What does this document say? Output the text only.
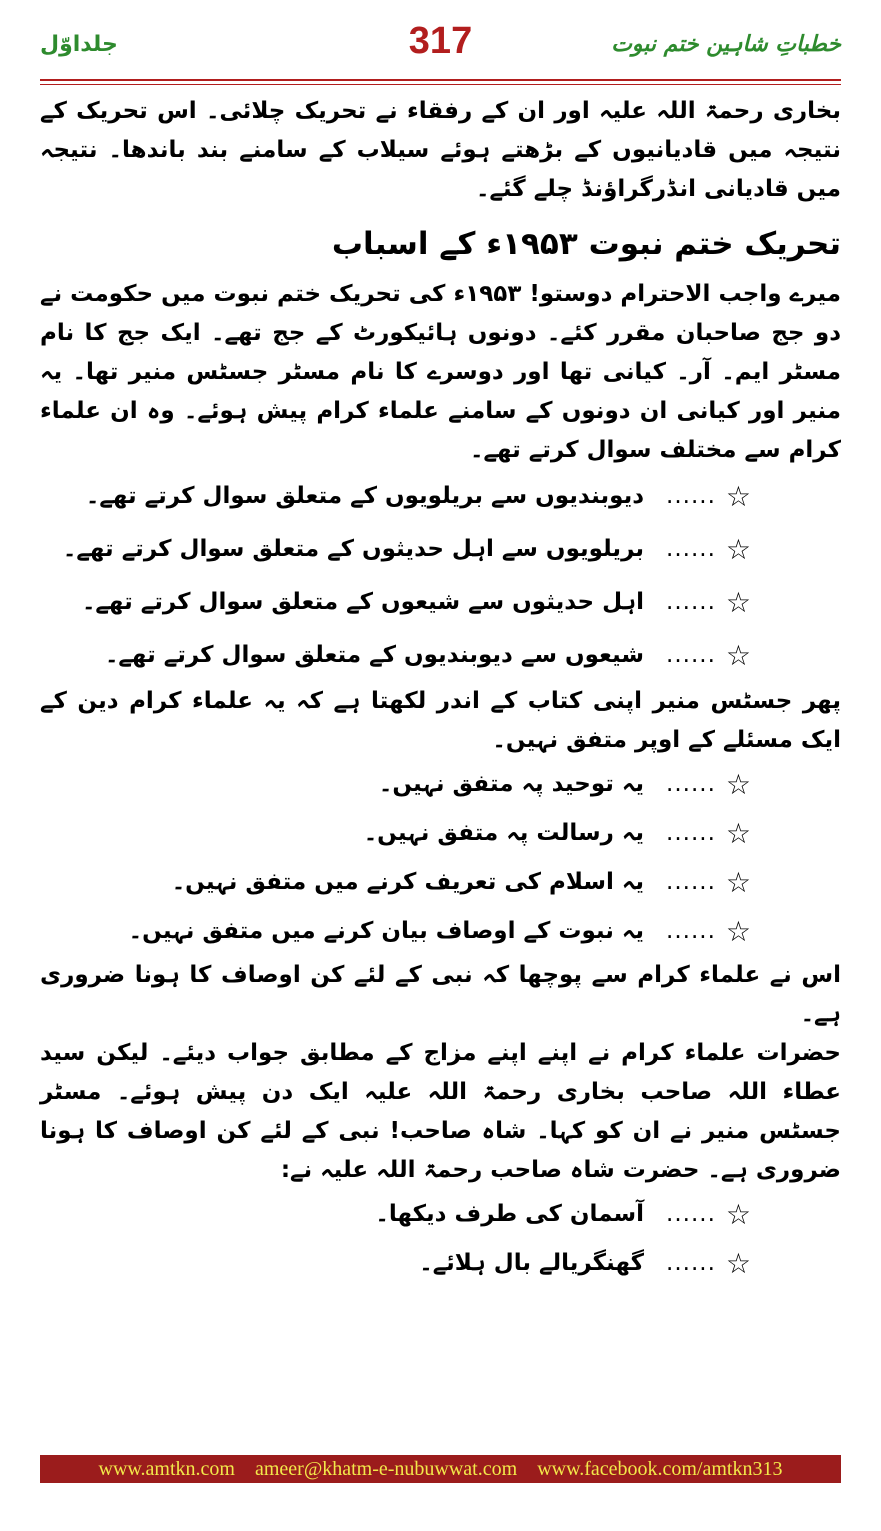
جلداوّل	317	خطباتِ شاہین ختم نبوت

بخاری رحمۃ اللہ علیہ اور ان کے رفقاء نے تحریک چلائی۔ اس تحریک کے نتیجہ میں قادیانیوں کے بڑھتے ہوئے سیلاب کے سامنے بند باندھا۔ نتیجہ میں قادیانی انڈرگراؤنڈ چلے گئے۔

تحریک ختم نبوت ۱۹۵۳ء کے اسباب

میرے واجب الاحترام دوستو! ۱۹۵۳ء کی تحریک ختم نبوت میں حکومت نے دو جج صاحبان مقرر کئے۔ دونوں ہائیکورٹ کے جج تھے۔ ایک جج کا نام مسٹر ایم۔ آر۔ کیانی تھا اور دوسرے کا نام مسٹر جسٹس منیر تھا۔ یہ منیر اور کیانی ان دونوں کے سامنے علماء کرام پیش ہوئے۔ وہ ان علماء کرام سے مختلف سوال کرتے تھے۔

☆
......
دیوبندیوں سے بریلویوں کے متعلق سوال کرتے تھے۔
☆
......
بریلویوں سے اہل حدیثوں کے متعلق سوال کرتے تھے۔
☆
......
اہل حدیثوں سے شیعوں کے متعلق سوال کرتے تھے۔
☆
......
شیعوں سے دیوبندیوں کے متعلق سوال کرتے تھے۔

پھر جسٹس منیر اپنی کتاب کے اندر لکھتا ہے کہ یہ علماء کرام دین کے ایک مسئلے کے اوپر متفق نہیں۔

☆
......
یہ توحید پہ متفق نہیں۔
☆
......
یہ رسالت پہ متفق نہیں۔
☆
......
یہ اسلام کی تعریف کرنے میں متفق نہیں۔
☆
......
یہ نبوت کے اوصاف بیان کرنے میں متفق نہیں۔

اس نے علماء کرام سے پوچھا کہ نبی کے لئے کن اوصاف کا ہونا ضروری ہے۔

حضرات علماء کرام نے اپنے اپنے مزاج کے مطابق جواب دیئے۔ لیکن سید عطاء اللہ صاحب بخاری رحمۃ اللہ علیہ ایک دن پیش ہوئے۔ مسٹر جسٹس منیر نے ان کو کہا۔ شاہ صاحب! نبی کے لئے کن اوصاف کا ہونا ضروری ہے۔ حضرت شاہ صاحب رحمۃ اللہ علیہ نے:

☆
......
آسمان کی طرف دیکھا۔
☆
......
گھنگریالے بال ہلائے۔
www.amtkn.com ameer@khatm-e-nubuwwat.com www.facebook.com/amtkn313
